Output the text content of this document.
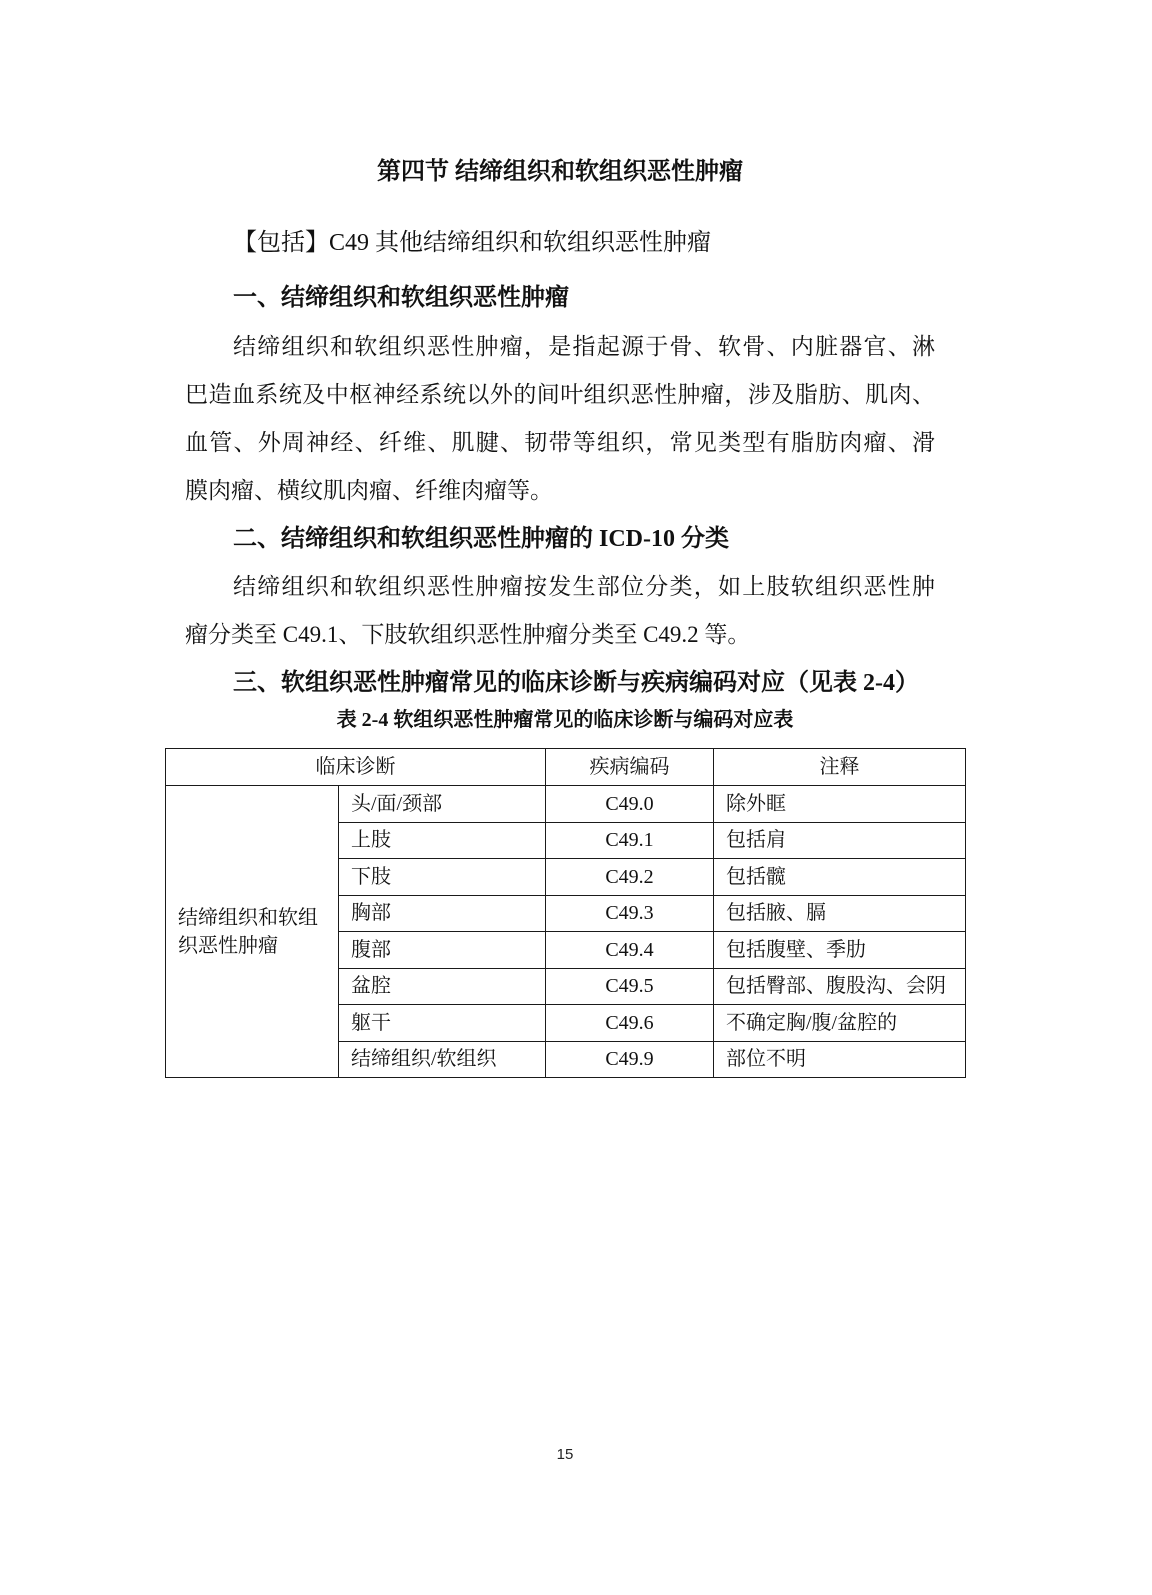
第四节 结缔组织和软组织恶性肿瘤
【包括】C49 其他结缔组织和软组织恶性肿瘤
一、结缔组织和软组织恶性肿瘤
结缔组织和软组织恶性肿瘤，是指起源于骨、软骨、内脏器官、淋
巴造血系统及中枢神经系统以外的间叶组织恶性肿瘤，涉及脂肪、肌肉、
血管、外周神经、纤维、肌腱、韧带等组织，常见类型有脂肪肉瘤、滑
膜肉瘤、横纹肌肉瘤、纤维肉瘤等。
二、结缔组织和软组织恶性肿瘤的 ICD-10 分类
结缔组织和软组织恶性肿瘤按发生部位分类，如上肢软组织恶性肿
瘤分类至 C49.1、下肢软组织恶性肿瘤分类至 C49.2 等。
三、软组织恶性肿瘤常见的临床诊断与疾病编码对应（见表 2-4）
表 2-4 软组织恶性肿瘤常见的临床诊断与编码对应表
临床诊断		疾病编码	注释
结缔组织和软组织恶性肿瘤	头/面/颈部	C49.0	除外眶
	上肢	C49.1	包括肩
	下肢	C49.2	包括髋
	胸部	C49.3	包括腋、膈
	腹部	C49.4	包括腹壁、季肋
	盆腔	C49.5	包括臀部、腹股沟、会阴
	躯干	C49.6	不确定胸/腹/盆腔的
	结缔组织/软组织	C49.9	部位不明
15
